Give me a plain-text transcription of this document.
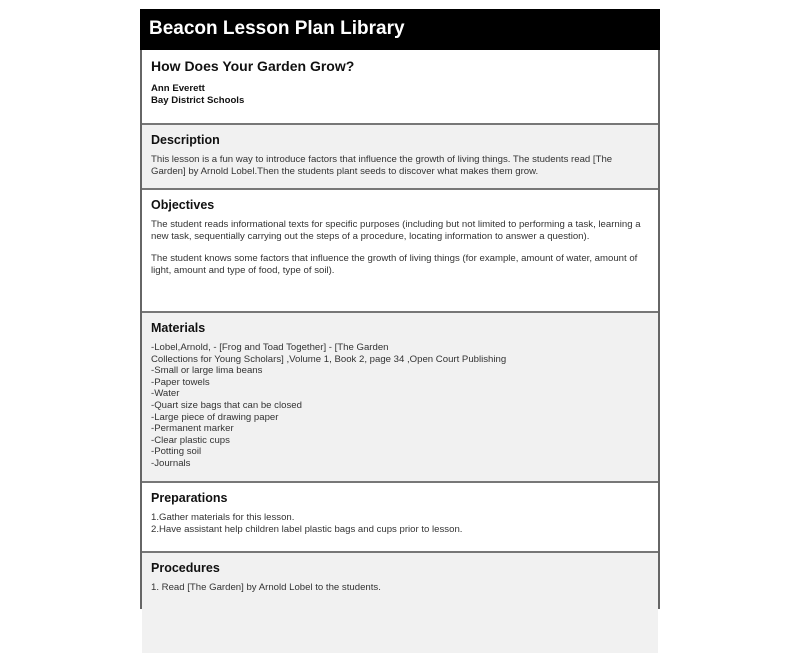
Beacon Lesson Plan Library
How Does Your Garden Grow?
Ann Everett
Bay District Schools
Description

This lesson is a fun way to introduce factors that influence the growth of living things. The students read [The Garden] by Arnold Lobel.Then the students plant seeds to discover what makes them grow.

Objectives

The student reads informational texts for specific purposes (including but not limited to performing a task, learning a new task, sequentially carrying out the steps of a procedure, locating information to answer a question).

The student knows some factors that influence the growth of living things (for example, amount of water, amount of light, amount and type of food, type of soil).

Materials
-Lobel,Arnold, - [Frog and Toad Together] - [The Garden
Collections for Young Scholars] ,Volume 1, Book 2, page 34 ,Open Court Publishing
-Small or large lima beans
-Paper towels
-Water
-Quart size bags that can be closed
-Large piece of drawing paper
-Permanent marker
-Clear plastic cups
-Potting soil
-Journals
Preparations
1.Gather materials for this lesson.
2.Have assistant help children label plastic bags and cups prior to lesson.
Procedures
1. Read [The Garden] by Arnold Lobel to the students.
